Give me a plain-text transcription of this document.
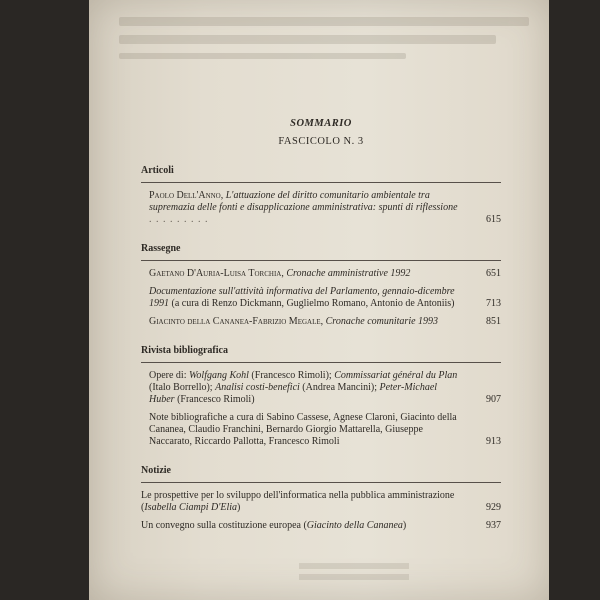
SOMMARIO

FASCICOLO N. 3

Articoli

Paolo Dell'Anno, L'attuazione del diritto comunitario ambientale tra supremazia delle fonti e disapplicazione amministrativa: spunti di riflessione . . . . . . . . .	615

Rassegne

Gaetano D'Auria-Luisa Torchia, Cronache amministrative 1992	651
Documentazione sull'attività informativa del Parlamento, gennaio-dicembre 1991 (a cura di Renzo Dickmann, Guglielmo Romano, Antonio de Antoniis)	713
Giacinto della Cananea-Fabrizio Megale, Cronache comunitarie 1993	851

Rivista bibliografica

Opere di: Wolfgang Kohl (Francesco Rimoli); Commissariat général du Plan (Italo Borrello); Analisi costi-benefici (Andrea Mancini); Peter-Michael Huber (Francesco Rimoli)	907
Note bibliografiche a cura di Sabino Cassese, Agnese Claroni, Giacinto della Cananea, Claudio Franchini, Bernardo Giorgio Mattarella, Giuseppe Naccarato, Riccardo Pallotta, Francesco Rimoli	913

Notizie

Le prospettive per lo sviluppo dell'informatica nella pubblica amministrazione (Isabella Ciampi D'Elia)	929
Un convegno sulla costituzione europea (Giacinto della Cananea)	937
